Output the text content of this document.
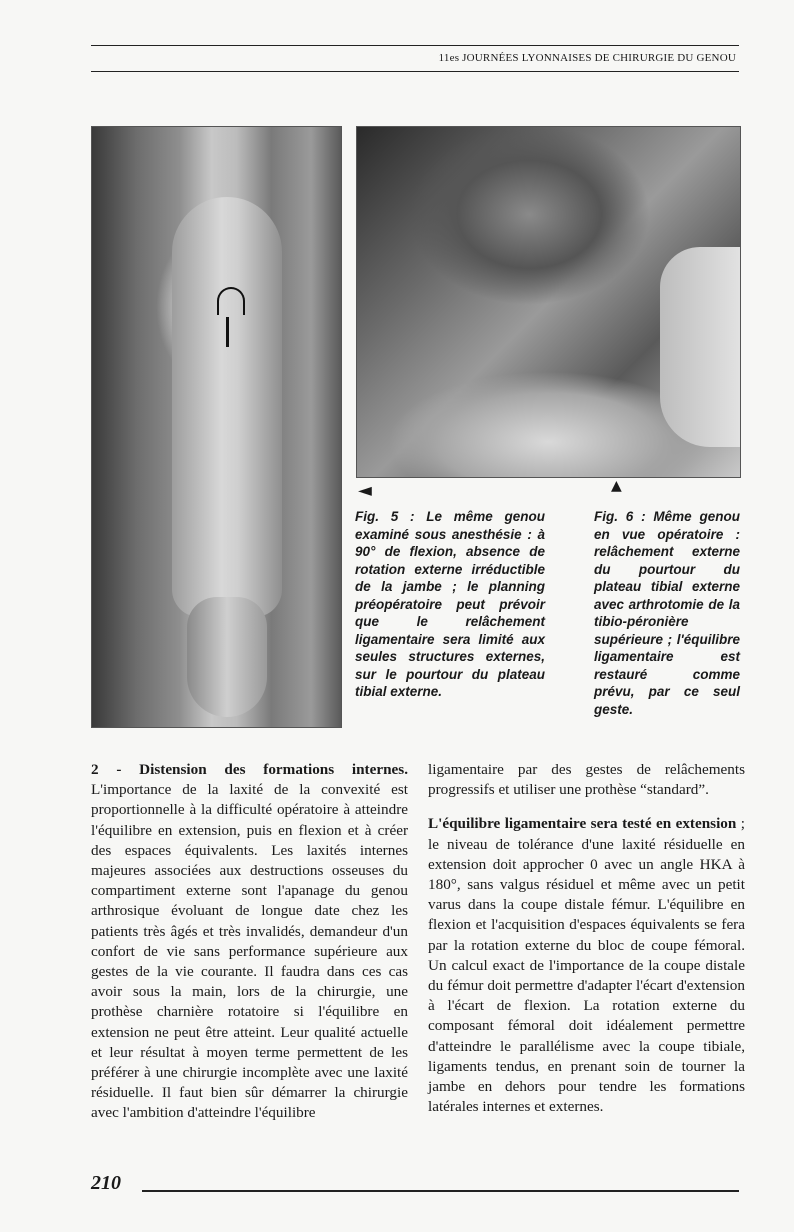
11es JOURNÉES LYONNAISES DE CHIRURGIE DU GENOU
◄	▲

Fig. 5 : Le même genou examiné sous anesthésie : à 90° de flexion, absence de rotation externe irréductible de la jambe ; le planning préopératoire peut prévoir que le relâchement ligamentaire sera limité aux seules structures externes, sur le pourtour du plateau tibial externe.

Fig. 6 : Même genou en vue opératoire : relâchement externe du pourtour du plateau tibial externe avec arthrotomie de la tibio-péronière supérieure ; l'équilibre ligamentaire est restauré comme prévu, par ce seul geste.

2 - Distension des formations internes. L'importance de la laxité de la convexité est proportionnelle à la difficulté opératoire à atteindre l'équilibre en extension, puis en flexion et à créer des espaces équivalents. Les laxités internes majeures associées aux destructions osseuses du compartiment externe sont l'apanage du genou arthrosique évoluant de longue date chez les patients très âgés et très invalidés, demandeur d'un confort de vie sans performance supérieure aux gestes de la vie courante. Il faudra dans ces cas avoir sous la main, lors de la chirurgie, une prothèse charnière rotatoire si l'équilibre en extension ne peut être atteint. Leur qualité actuelle et leur résultat à moyen terme permettent de les préférer à une chirurgie incomplète avec une laxité résiduelle. Il faut bien sûr démarrer la chirurgie avec l'ambition d'atteindre l'équilibre

ligamentaire par des gestes de relâchements progressifs et utiliser une prothèse “standard”.

L'équilibre ligamentaire sera testé en extension ; le niveau de tolérance d'une laxité résiduelle en extension doit approcher 0 avec un angle HKA à 180°, sans valgus résiduel et même avec un petit varus dans la coupe distale fémur. L'équilibre en flexion et l'acquisition d'espaces équivalents se fera par la rotation externe du bloc de coupe fémoral. Un calcul exact de l'importance de la coupe distale du fémur doit permettre d'adapter l'écart d'extension à l'écart de flexion. La rotation externe du composant fémoral doit idéalement permettre d'atteindre le parallélisme avec la coupe tibiale, ligaments tendus, en prenant soin de tourner la jambe en dehors pour tendre les formations latérales internes et externes.

210
